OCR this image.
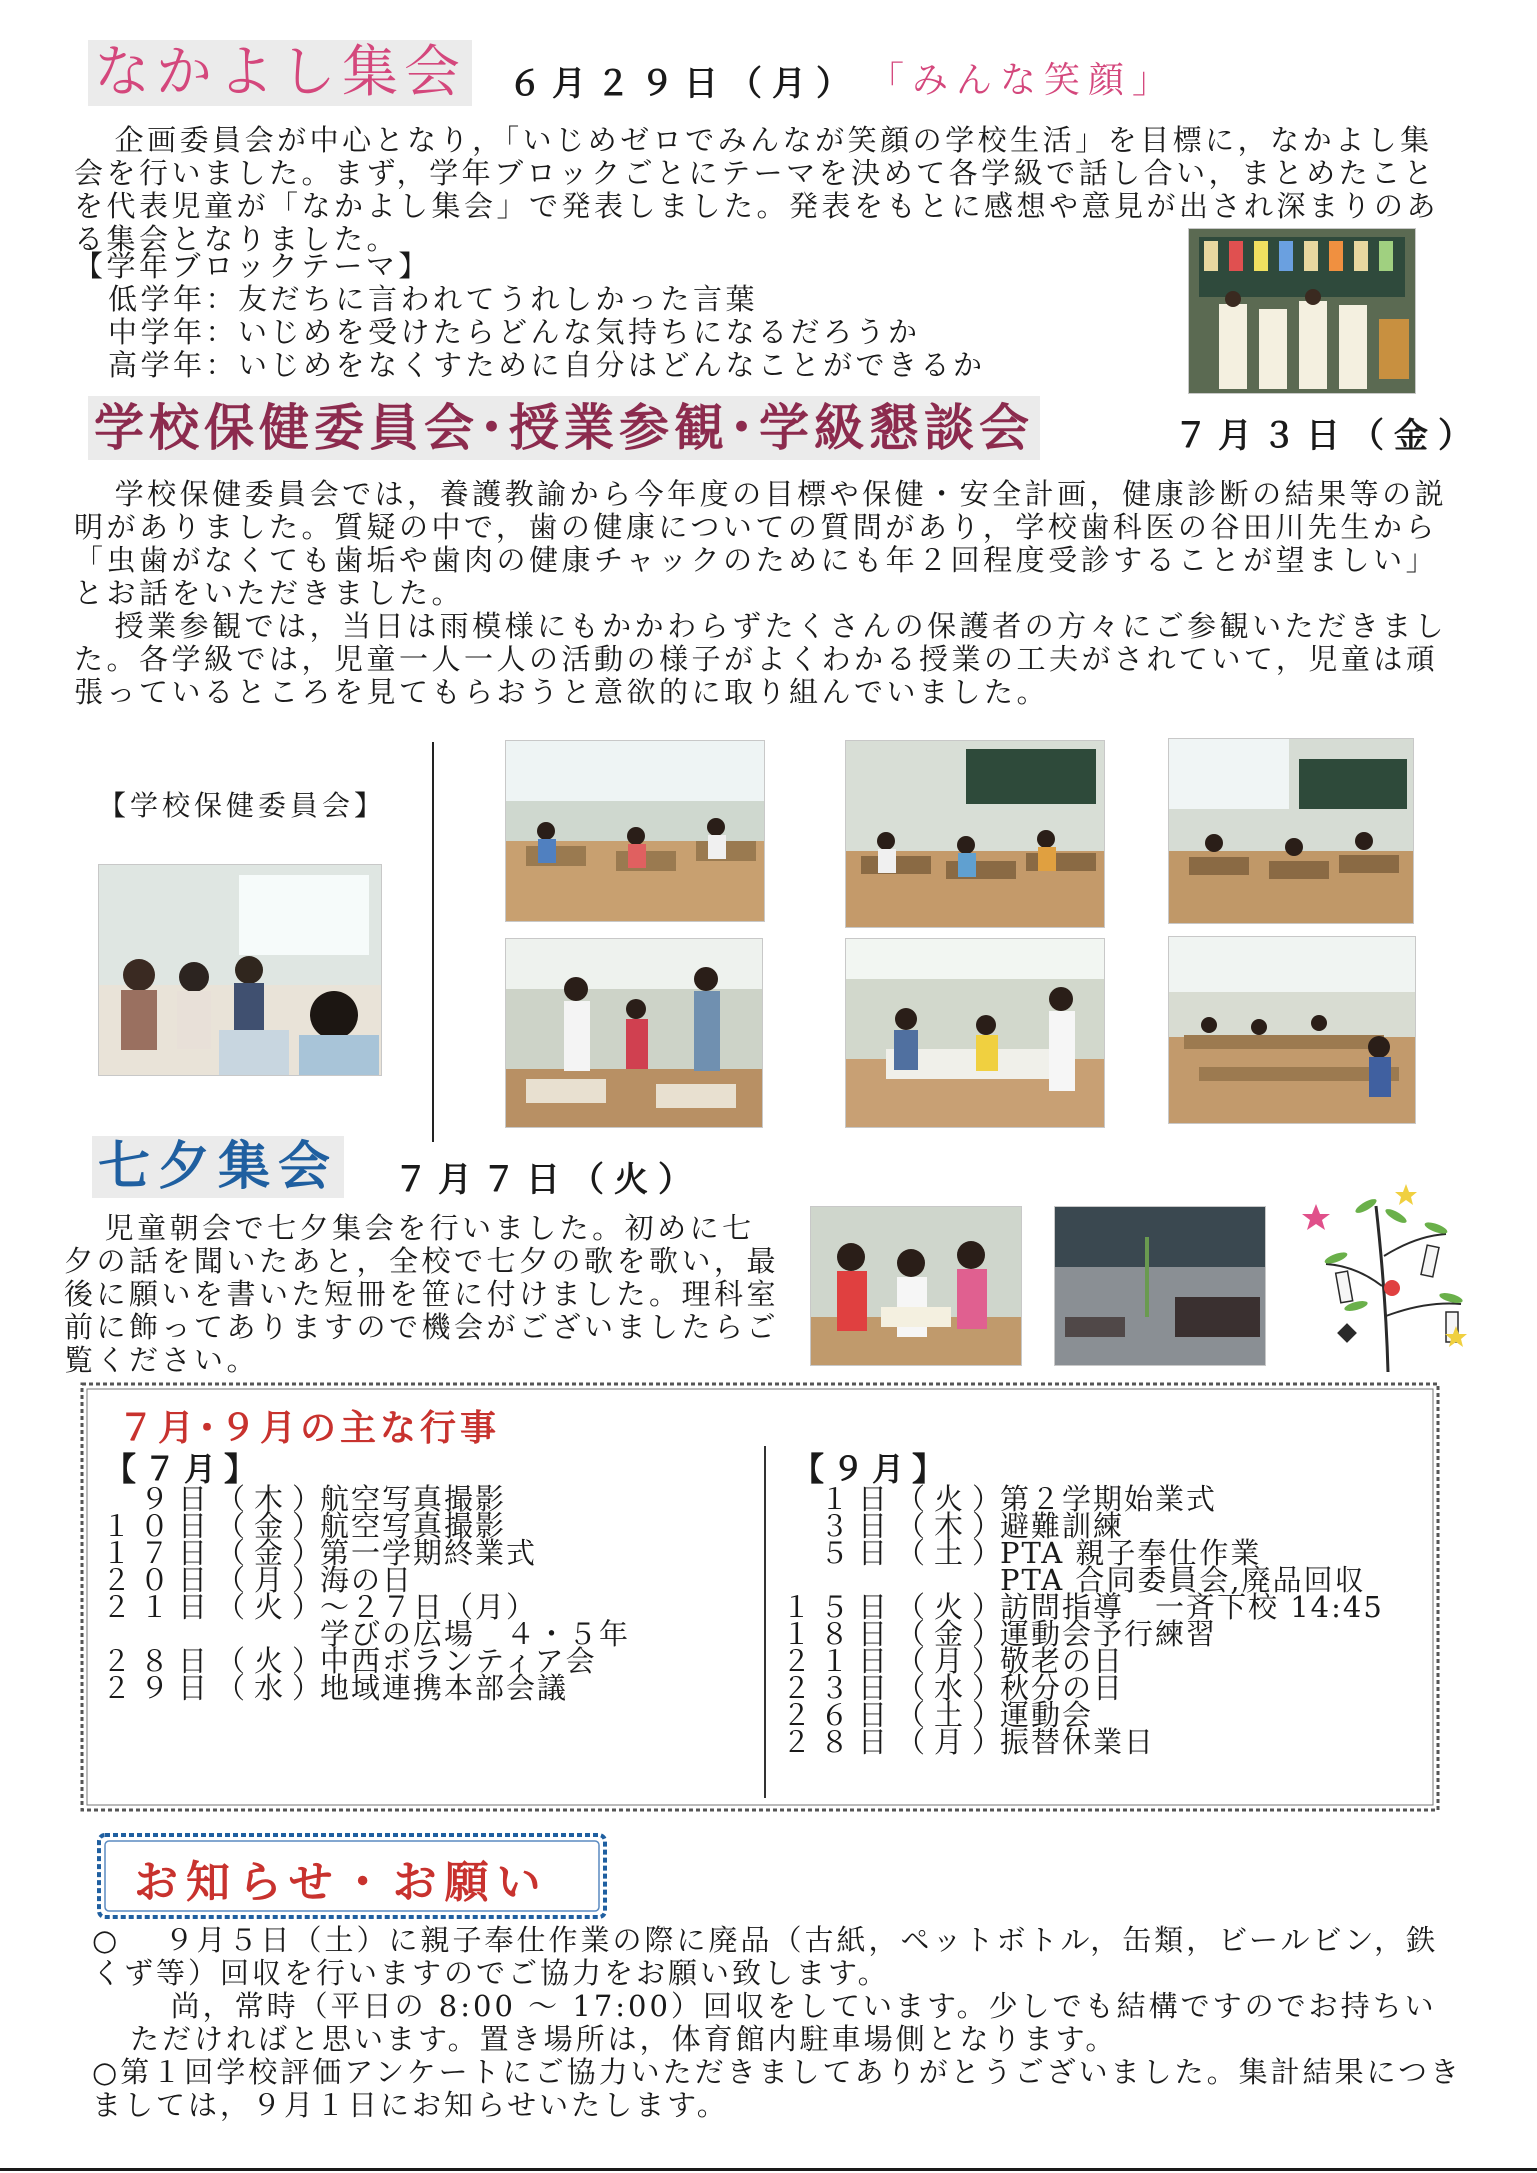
なかよし集会 ６月２９日（月） 「みんな笑顔」

企画委員会が中心となり，「いじめゼロでみんなが笑顔の学校生活」を目標に，なかよし集会を行いました。まず，学年ブロックごとにテーマを決めて各学級で話し合い，まとめたことを代表児童が「なかよし集会」で発表しました。発表をもとに感想や意見が出され深まりのある集会となりました。

【学年ブロックテーマ】
低学年：友だちに言われてうれしかった言葉
中学年：いじめを受けたらどんな気持ちになるだろうか
高学年：いじめをなくすために自分はどんなことができるか
学校保健委員会･授業参観･学級懇談会	７月３日（金）

学校保健委員会では，養護教諭から今年度の目標や保健・安全計画，健康診断の結果等の説明がありました。質疑の中で，歯の健康についての質問があり，学校歯科医の谷田川先生から「虫歯がなくても歯垢や歯肉の健康チャックのためにも年２回程度受診することが望ましい」とお話をいただきました。

授業参観では，当日は雨模様にもかかわらずたくさんの保護者の方々にご参観いただきました。各学級では，児童一人一人の活動の様子がよくわかる授業の工夫がされていて，児童は頑張っているところを見てもらおうと意欲的に取り組んでいました。

【学校保健委員会】
七夕集会 ７月７日（火）

児童朝会で七夕集会を行いました。初めに七夕の話を聞いたあと，全校で七夕の歌を歌い，最後に願いを書いた短冊を笹に付けました。理科室前に飾ってありますので機会がございましたらご覧ください。

７月･９月の主な行事
【７月】
　９日（木）航空写真撮影
１０日（金）航空写真撮影
１７日（金）第一学期終業式
２０日（月）海の日
２１日（火）～２７日（月）
学びの広場　４・５年
２８日（火）中西ボランティア会
２９日（水）地域連携本部会議
【９月】
　１日（火）第２学期始業式
　３日（木）避難訓練
　５日（土）PTA 親子奉仕作業
PTA 合同委員会,廃品回収
１５日（火）訪問指導　一斉下校 14:45
１８日（金）運動会予行練習
２１日（月）敬老の日
２３日（水）秋分の日
２６日（土）運動会
２８日（月）振替休業日
お知らせ・お願い
○　 ９月５日（土）に親子奉仕作業の際に廃品（古紙，ペットボトル，缶類，ビールビン，鉄くず等）回収を行いますのでご協力をお願い致します。
尚，常時（平日の 8:00 ～ 17:00）回収をしています。少しでも結構ですのでお持ちいただければと思います。置き場所は，体育館内駐車場側となります。
○第１回学校評価アンケートにご協力いただきましてありがとうございました。集計結果につきましては，９月１日にお知らせいたします。
